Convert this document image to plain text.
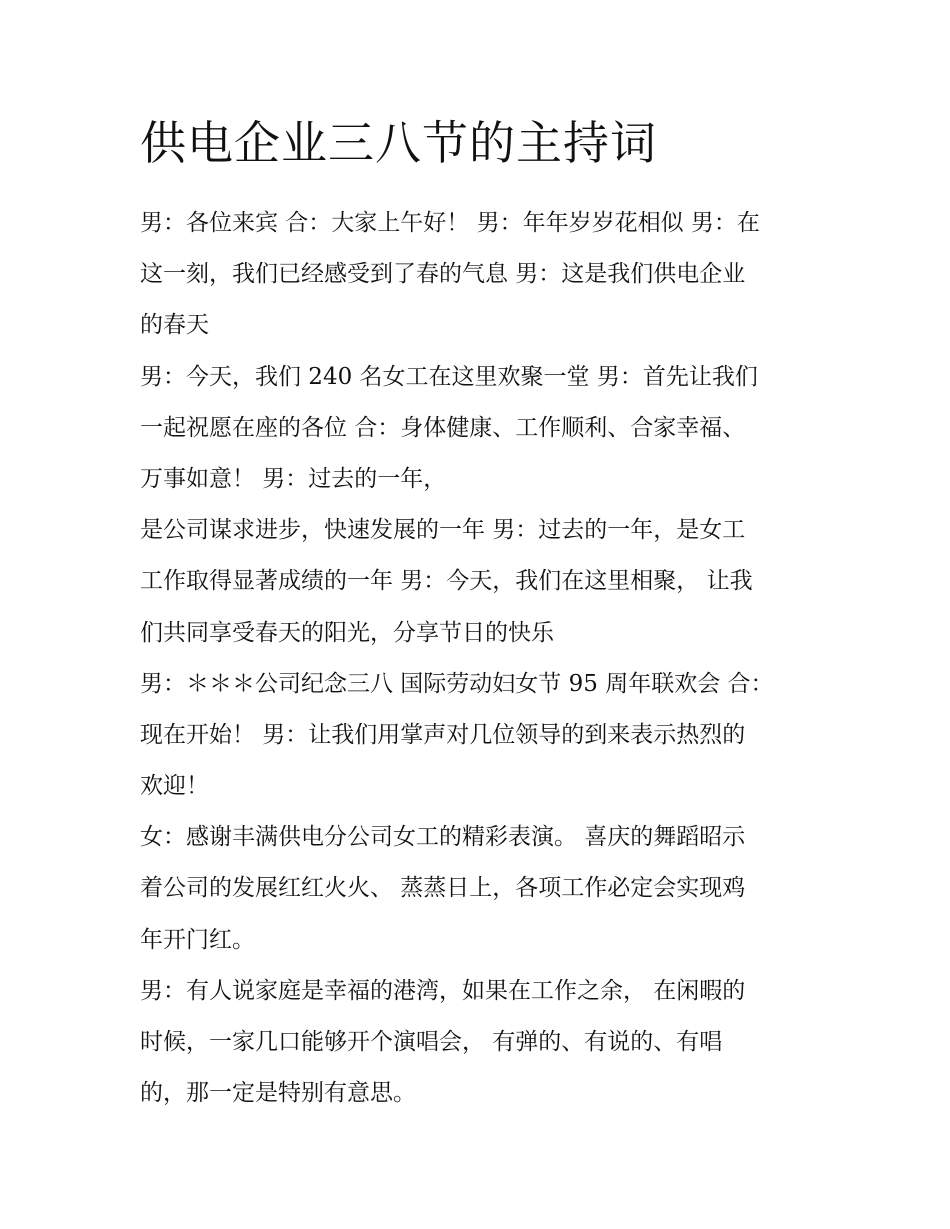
供电企业三八节的主持词
男：各位来宾 合：大家上午好！ 男：年年岁岁花相似 男：在
这一刻，我们已经感受到了春的气息 男：这是我们供电企业
的春天
男：今天，我们 240 名女工在这里欢聚一堂 男：首先让我们
一起祝愿在座的各位 合：身体健康、工作顺利、合家幸福、
万事如意！ 男：过去的一年，
是公司谋求进步，快速发展的一年 男：过去的一年，是女工
工作取得显著成绩的一年 男：今天，我们在这里相聚， 让我
们共同享受春天的阳光，分享节日的快乐
男：＊＊＊公司纪念三八 国际劳动妇女节 95 周年联欢会 合：
现在开始！ 男：让我们用掌声对几位领导的到来表示热烈的
欢迎！
女：感谢丰满供电分公司女工的精彩表演。 喜庆的舞蹈昭示
着公司的发展红红火火、 蒸蒸日上，各项工作必定会实现鸡
年开门红。
男：有人说家庭是幸福的港湾，如果在工作之余， 在闲暇的
时候，一家几口能够开个演唱会， 有弹的、有说的、有唱
的，那一定是特别有意思。
